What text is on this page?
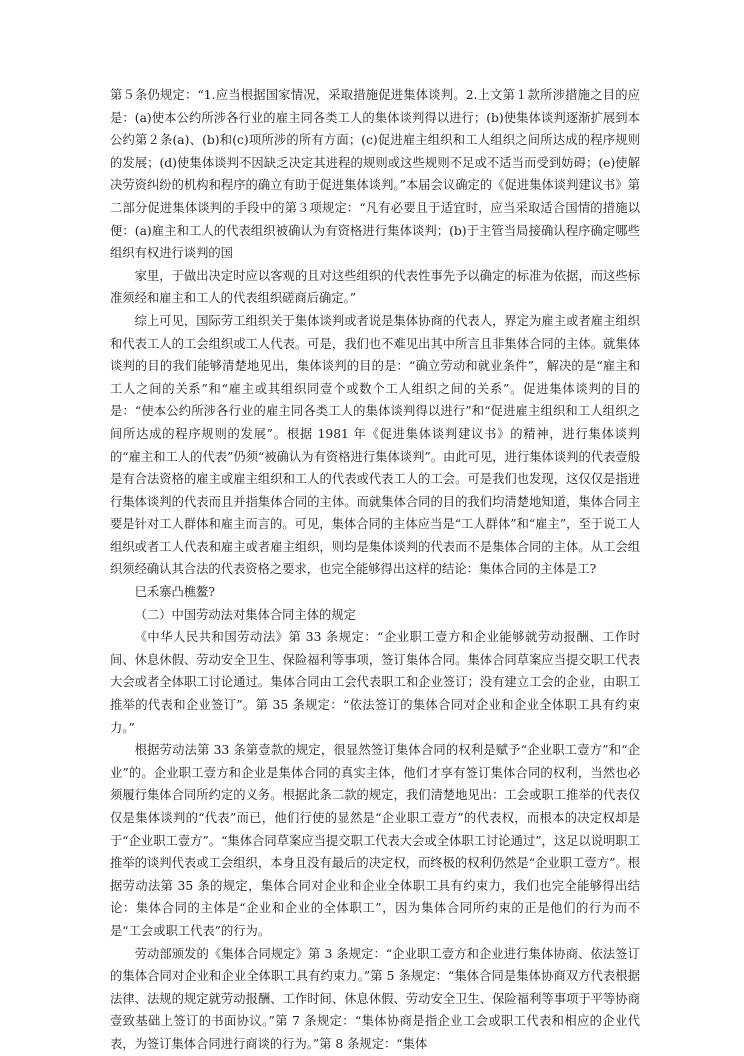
第５条仍规定：“1.应当根据国家情况，采取措施促进集体谈判。2.上文第１款所涉措施之目的应是：(a)使本公约所涉各行业的雇主同各类工人的集体谈判得以进行；(b)使集体谈判逐渐扩展到本公约第２条(a)、(b)和(c)项所涉的所有方面；(c)促进雇主组织和工人组织之间所达成的程序规则的发展；(d)使集体谈判不因缺乏决定其进程的规则或这些规则不足或不适当而受到妨碍；(e)使解决劳资纠纷的机构和程序的确立有助于促进集体谈判。”本届会议确定的《促进集体谈判建议书》第二部分促进集体谈判的手段中的第３项规定：“凡有必要且于适宜时，应当采取适合国情的措施以便：(a)雇主和工人的代表组织被确认为有资格进行集体谈判；(b)于主管当局接确认程序确定哪些组织有权进行谈判的国

家里，于做出决定时应以客观的且对这些组织的代表性事先予以确定的标准为依据，而这些标准须经和雇主和工人的代表组织磋商后确定。”

综上可见，国际劳工组织关于集体谈判或者说是集体协商的代表人，界定为雇主或者雇主组织和代表工人的工会组织或工人代表。可是，我们也不难见出其中所言且非集体合同的主体。就集体谈判的目的我们能够清楚地见出，集体谈判的目的是：“确立劳动和就业条件”，解决的是“雇主和工人之间的关系”和“雇主或其组织同壹个或数个工人组织之间的关系”。促进集体谈判的目的是：“使本公约所涉各行业的雇主同各类工人的集体谈判得以进行”和“促进雇主组织和工人组织之间所达成的程序规则的发展”。根据 1981 年《促进集体谈判建议书》的精神，进行集体谈判的“雇主和工人的代表”仍须“被确认为有资格进行集体谈判”。由此可见，进行集体谈判的代表壹般是有合法资格的雇主或雇主组织和工人的代表或代表工人的工会。可是我们也发现，这仅仅是指进行集体谈判的代表而且并指集体合同的主体。而就集体合同的目的我们均清楚地知道，集体合同主要是针对工人群体和雇主而言的。可见，集体合同的主体应当是“工人群体”和“雇主”，至于说工人组织或者工人代表和雇主或者雇主组织，则均是集体谈判的代表而不是集体合同的主体。从工会组织须经确认其合法的代表资格之要求，也完全能够得出这样的结论：集体合同的主体是工?

巳禾寨凸樵鳌?

（二）中国劳动法对集体合同主体的规定

《中华人民共和国劳动法》第 33 条规定：“企业职工壹方和企业能够就劳动报酬、工作时间、休息休假、劳动安全卫生、保险福利等事项，签订集体合同。集体合同草案应当提交职工代表大会或者全体职工讨论通过。集体合同由工会代表职工和企业签订；没有建立工会的企业，由职工推举的代表和企业签订”。第 35 条规定：“依法签订的集体合同对企业和企业全体职工具有约束力。”

根据劳动法第 33 条第壹款的规定，很显然签订集体合同的权利是赋予“企业职工壹方”和“企业”的。企业职工壹方和企业是集体合同的真实主体，他们才享有签订集体合同的权利，当然也必须履行集体合同所约定的义务。根据此条二款的规定，我们清楚地见出：工会或职工推举的代表仅仅是集体谈判的“代表”而已，他们行使的显然是“企业职工壹方”的代表权，而根本的决定权却是于“企业职工壹方”。“集体合同草案应当提交职工代表大会或全体职工讨论通过”，这足以说明职工推举的谈判代表或工会组织，本身且没有最后的决定权，而终极的权利仍然是“企业职工壹方”。根据劳动法第 35 条的规定，集体合同对企业和企业全体职工具有约束力，我们也完全能够得出结论：集体合同的主体是“企业和企业的全体职工”，因为集体合同所约束的正是他们的行为而不是“工会或职工代表”的行为。

劳动部颁发的《集体合同规定》第 3 条规定：“企业职工壹方和企业进行集体协商、依法签订的集体合同对企业和企业全体职工具有约束力。”第 5 条规定：“集体合同是集体协商双方代表根据法律、法规的规定就劳动报酬、工作时间、休息休假、劳动安全卫生、保险福利等事项于平等协商壹致基础上签订的书面协议。”第 7 条规定：“集体协商是指企业工会或职工代表和相应的企业代表，为签订集体合同进行商谈的行为。”第 8 条规定：“集体
